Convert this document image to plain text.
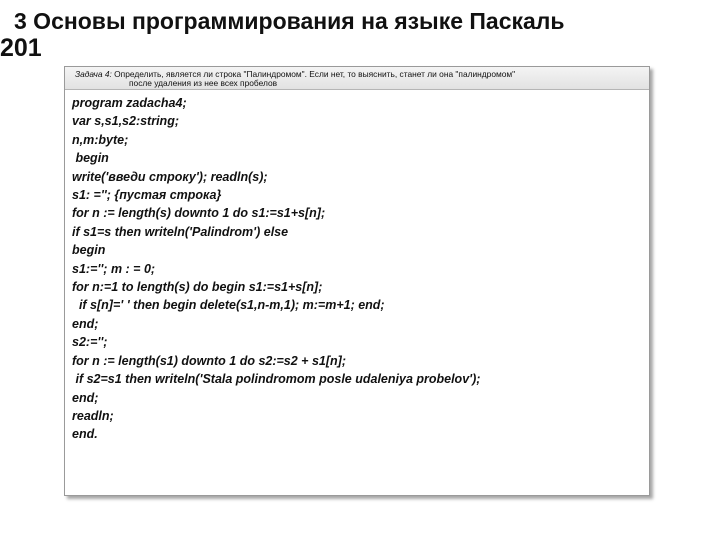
3 Основы программирования на языке Паскаль
201
Задача 4: Определить, является ли строка "Палиндромом". Если нет, то выяснить, станет ли она "палиндромом"
после удаления из нее всех пробелов
program zadacha4;
var s,s1,s2:string;
n,m:byte;
begin
write('введи строку'); readln(s);
s1: =''; {пустая строка}
for n := length(s) downto 1 do s1:=s1+s[n];
if s1=s then writeln('Palindrom') else
begin
s1:=''; m : = 0;
for n:=1 to length(s) do begin s1:=s1+s[n];
if s[n]=' ' then begin delete(s1,n-m,1); m:=m+1; end;
end;
s2:='';
for n := length(s1) downto 1 do s2:=s2 + s1[n];
if s2=s1 then writeln('Stala polindromom posle udaleniya probelov');
end;
readln;
end.
